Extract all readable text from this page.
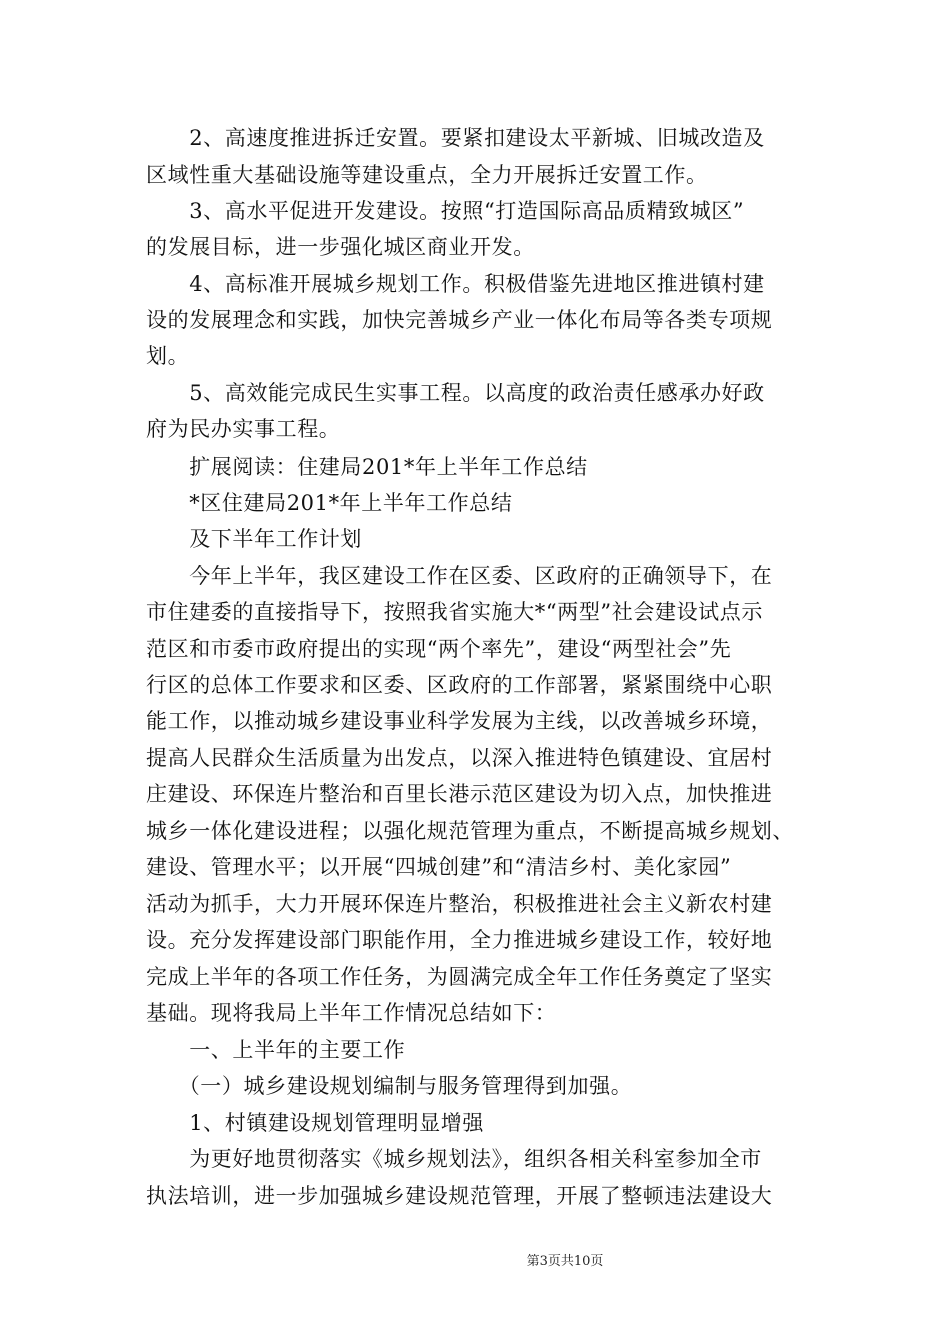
　　2、高速度推进拆迁安置。要紧扣建设太平新城、旧城改造及
区域性重大基础设施等建设重点，全力开展拆迁安置工作。
　　3、高水平促进开发建设。按照“打造国际高品质精致城区”
的发展目标，进一步强化城区商业开发。
　　4、高标准开展城乡规划工作。积极借鉴先进地区推进镇村建
设的发展理念和实践，加快完善城乡产业一体化布局等各类专项规
划。
　　5、高效能完成民生实事工程。以高度的政治责任感承办好政
府为民办实事工程。
　　扩展阅读：住建局201*年上半年工作总结
　　*区住建局201*年上半年工作总结
　　及下半年工作计划
　　今年上半年，我区建设工作在区委、区政府的正确领导下，在
市住建委的直接指导下，按照我省实施大*“两型”社会建设试点示
范区和市委市政府提出的实现“两个率先”，建设“两型社会”先
行区的总体工作要求和区委、区政府的工作部署，紧紧围绕中心职
能工作，以推动城乡建设事业科学发展为主线，以改善城乡环境，
提高人民群众生活质量为出发点，以深入推进特色镇建设、宜居村
庄建设、环保连片整治和百里长港示范区建设为切入点，加快推进
城乡一体化建设进程；以强化规范管理为重点，不断提高城乡规划、
建设、管理水平；以开展“四城创建”和“清洁乡村、美化家园”
活动为抓手，大力开展环保连片整治，积极推进社会主义新农村建
设。充分发挥建设部门职能作用，全力推进城乡建设工作，较好地
完成上半年的各项工作任务，为圆满完成全年工作任务奠定了坚实
基础。现将我局上半年工作情况总结如下：
　　一、上半年的主要工作
　　（一）城乡建设规划编制与服务管理得到加强。
　　1、村镇建设规划管理明显增强
　　为更好地贯彻落实《城乡规划法》，组织各相关科室参加全市
执法培训，进一步加强城乡建设规范管理，开展了整顿违法建设大
第3页共10页
